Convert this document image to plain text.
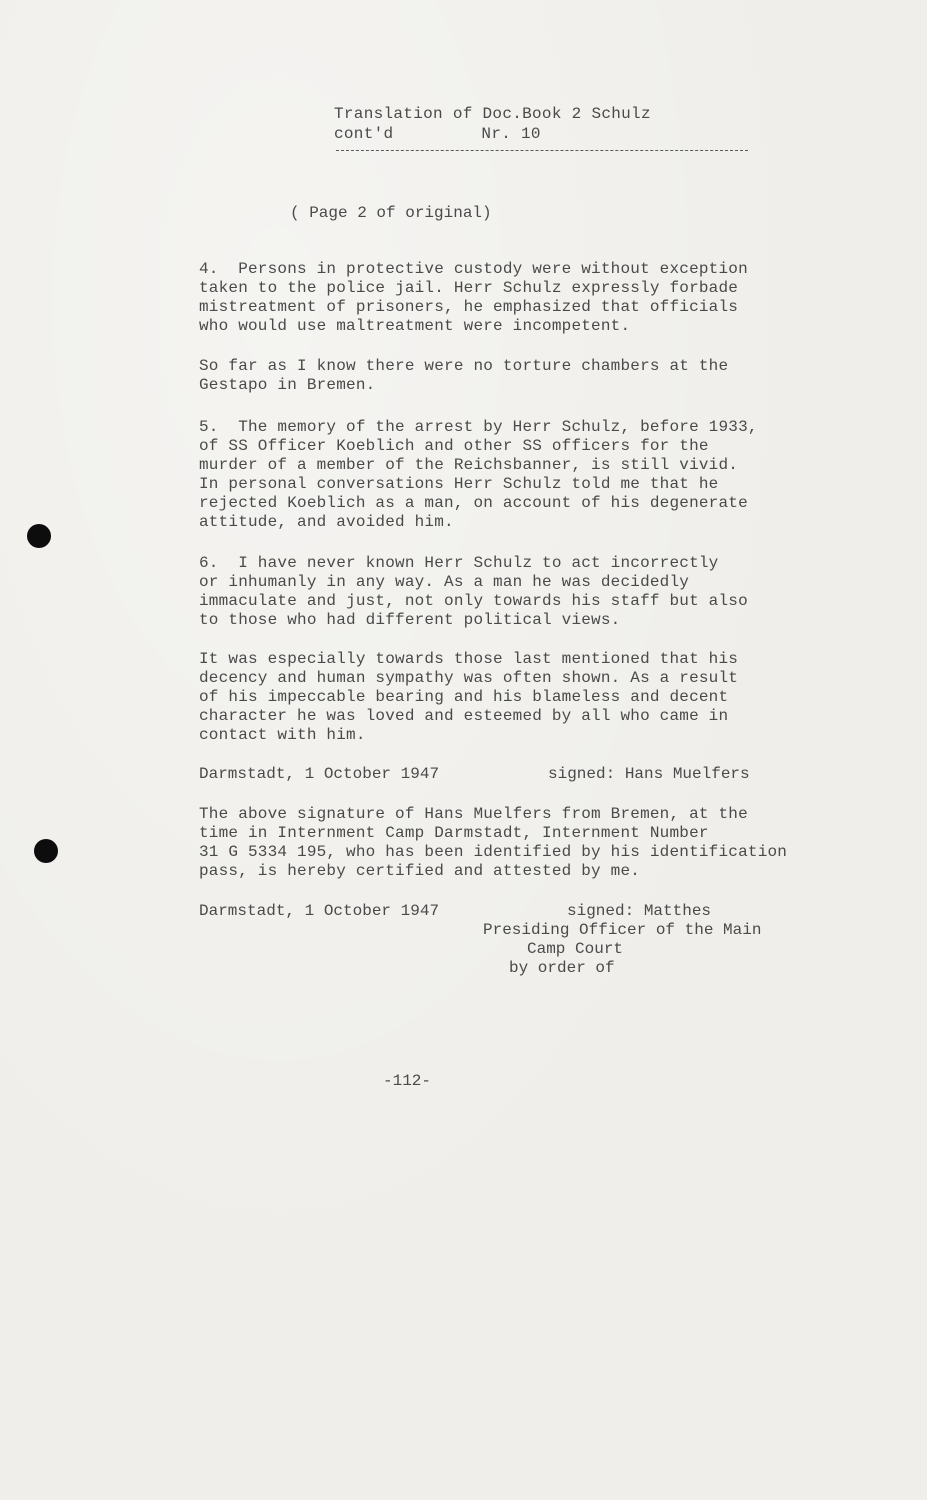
Translation of Doc.Book 2 Schulz
cont'd	Nr. 10
( Page 2 of original)
4.  Persons in protective custody were without exception
taken to the police jail. Herr Schulz expressly forbade
mistreatment of prisoners, he emphasized that officials
who would use maltreatment were incompetent.
So far as I know there were no torture chambers at the
Gestapo in Bremen.
5.  The memory of the arrest by Herr Schulz, before 1933,
of SS Officer Koeblich and other SS officers for the
murder of a member of the Reichsbanner, is still vivid.
In personal conversations Herr Schulz told me that he
rejected Koeblich as a man, on account of his degenerate
attitude, and avoided him.
6.  I have never known Herr Schulz to act incorrectly
or inhumanly in any way. As a man he was decidedly
immaculate and just, not only towards his staff but also
to those who had different political views.
It was especially towards those last mentioned that his
decency and human sympathy was often shown. As a result
of his impeccable bearing and his blameless and decent
character he was loved and esteemed by all who came in
contact with him.
Darmstadt, 1 October 1947	signed: Hans Muelfers
The above signature of Hans Muelfers from Bremen, at the
time in Internment Camp Darmstadt, Internment Number
31 G 5334 195, who has been identified by his identification
pass, is hereby certified and attested by me.
Darmstadt, 1 October 1947	signed: Matthes
Presiding Officer of the Main
Camp Court
by order of
-112-
